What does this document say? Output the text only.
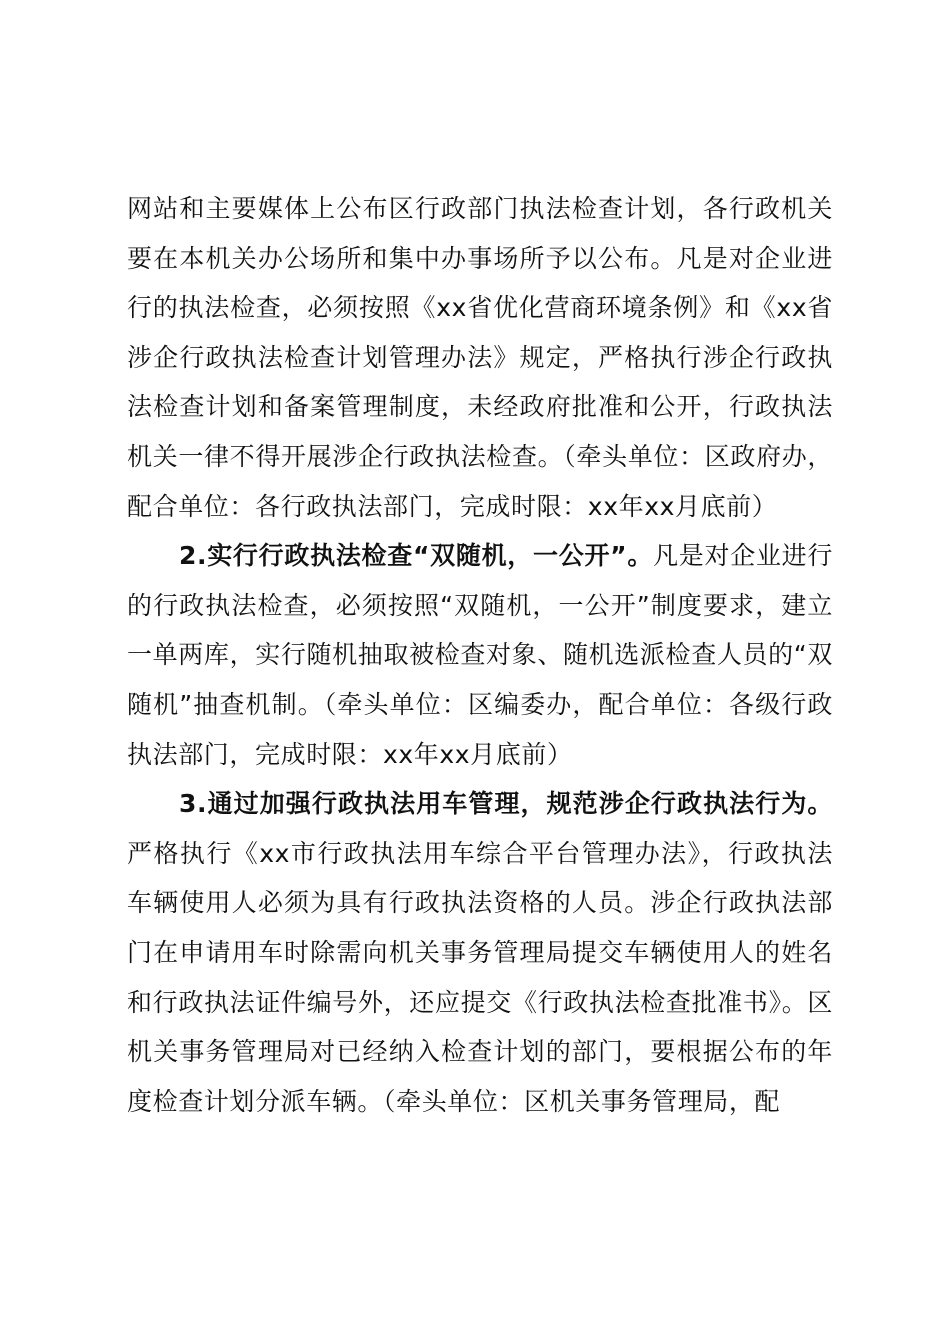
网站和主要媒体上公布区行政部门执法检查计划，各行政机关要在本机关办公场所和集中办事场所予以公布。凡是对企业进行的执法检查，必须按照《xx省优化营商环境条例》和《xx省涉企行政执法检查计划管理办法》规定，严格执行涉企行政执法检查计划和备案管理制度，未经政府批准和公开，行政执法机关一律不得开展涉企行政执法检查。（牵头单位：区政府办，配合单位：各行政执法部门，完成时限：xx年xx月底前）

2.实行行政执法检查“双随机，一公开”。凡是对企业进行的行政执法检查，必须按照“双随机，一公开”制度要求，建立一单两库，实行随机抽取被检查对象、随机选派检查人员的“双随机”抽查机制。（牵头单位：区编委办，配合单位：各级行政执法部门，完成时限：xx年xx月底前）

3.通过加强行政执法用车管理，规范涉企行政执法行为。严格执行《xx市行政执法用车综合平台管理办法》，行政执法车辆使用人必须为具有行政执法资格的人员。涉企行政执法部门在申请用车时除需向机关事务管理局提交车辆使用人的姓名和行政执法证件编号外，还应提交《行政执法检查批准书》。区机关事务管理局对已经纳入检查计划的部门，要根据公布的年度检查计划分派车辆。（牵头单位：区机关事务管理局，配
